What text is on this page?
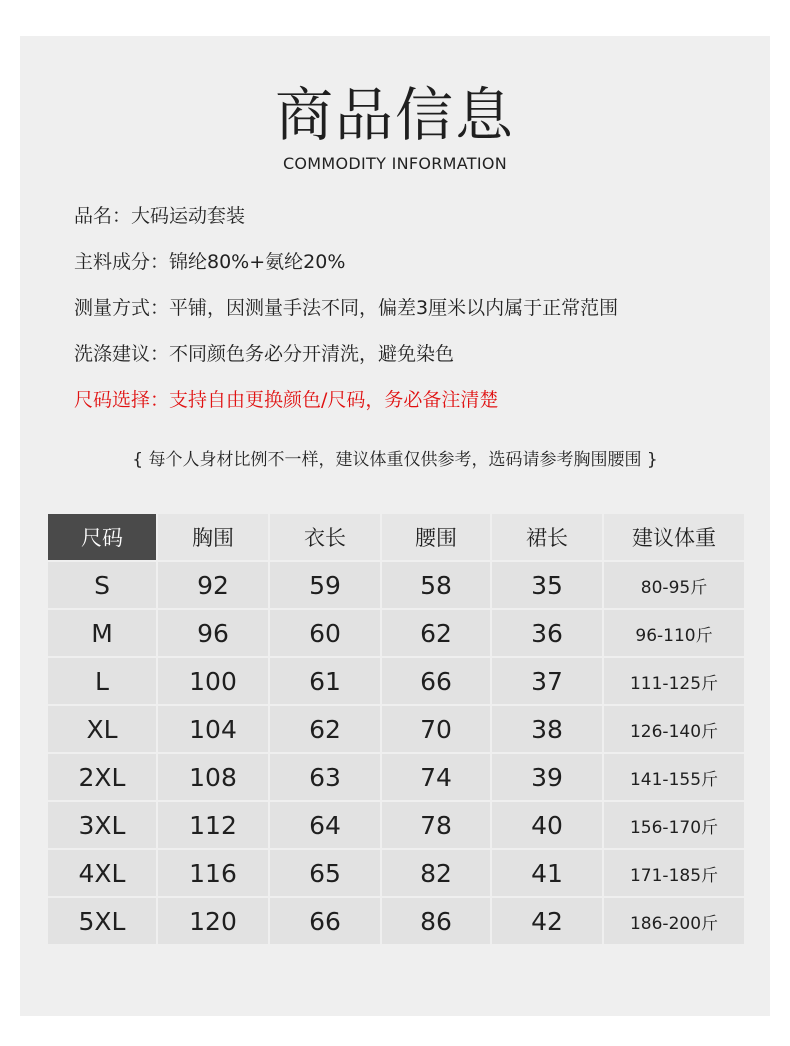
商品信息
COMMODITY INFORMATION
品名：大码运动套装
主料成分：锦纶80%+氨纶20%
测量方式：平铺，因测量手法不同，偏差3厘米以内属于正常范围
洗涤建议：不同颜色务必分开清洗，避免染色
尺码选择：支持自由更换颜色/尺码，务必备注清楚
{ 每个人身材比例不一样，建议体重仅供参考，选码请参考胸围腰围 }
尺码	胸围	衣长	腰围	裙长	建议体重
S	92	59	58	35	80-95斤
M	96	60	62	36	96-110斤
L	100	61	66	37	111-125斤
XL	104	62	70	38	126-140斤
2XL	108	63	74	39	141-155斤
3XL	112	64	78	40	156-170斤
4XL	116	65	82	41	171-185斤
5XL	120	66	86	42	186-200斤
